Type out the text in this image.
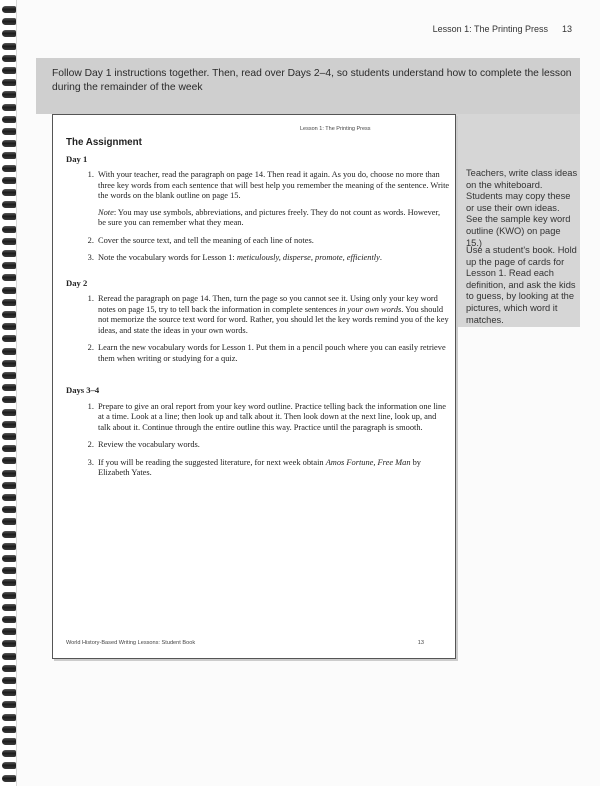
Lesson 1: The Printing Press 13
Follow Day 1 instructions together. Then, read over Days 2–4, so students understand how to complete the lesson during the remainder of the week
Teachers, write class ideas on the whiteboard. Students may copy these or use their own ideas. See the sample key word outline (KWO) on page 15.)
Use a student's book. Hold up the page of cards for Lesson 1. Read each definition, and ask the kids to guess, by looking at the pictures, which word it matches.
Lesson 1: The Printing Press
The Assignment
Day 1
1. With your teacher, read the paragraph on page 14. Then read it again. As you do, choose no more than three key words from each sentence that will best help you remember the meaning of the sentence. Write the words on the blank outline on page 15.
Note: You may use symbols, abbreviations, and pictures freely. They do not count as words. However, be sure you can remember what they mean.
2. Cover the source text, and tell the meaning of each line of notes.
3. Note the vocabulary words for Lesson 1: meticulously, disperse, promote, efficiently.
Day 2
1. Reread the paragraph on page 14. Then, turn the page so you cannot see it. Using only your key word notes on page 15, try to tell back the information in complete sentences in your own words. You should not memorize the source text word for word. Rather, you should let the key words remind you of the key ideas, and state the ideas in your own words.
2. Learn the new vocabulary words for Lesson 1. Put them in a pencil pouch where you can easily retrieve them when writing or studying for a quiz.
Days 3–4
1. Prepare to give an oral report from your key word outline. Practice telling back the information one line at a time. Look at a line; then look up and talk about it. Then look down at the next line, look up, and talk about it. Continue through the entire outline this way. Practice until the paragraph is smooth.
2. Review the vocabulary words.
3. If you will be reading the suggested literature, for next week obtain Amos Fortune, Free Man by Elizabeth Yates.
World History-Based Writing Lessons: Student Book	13
